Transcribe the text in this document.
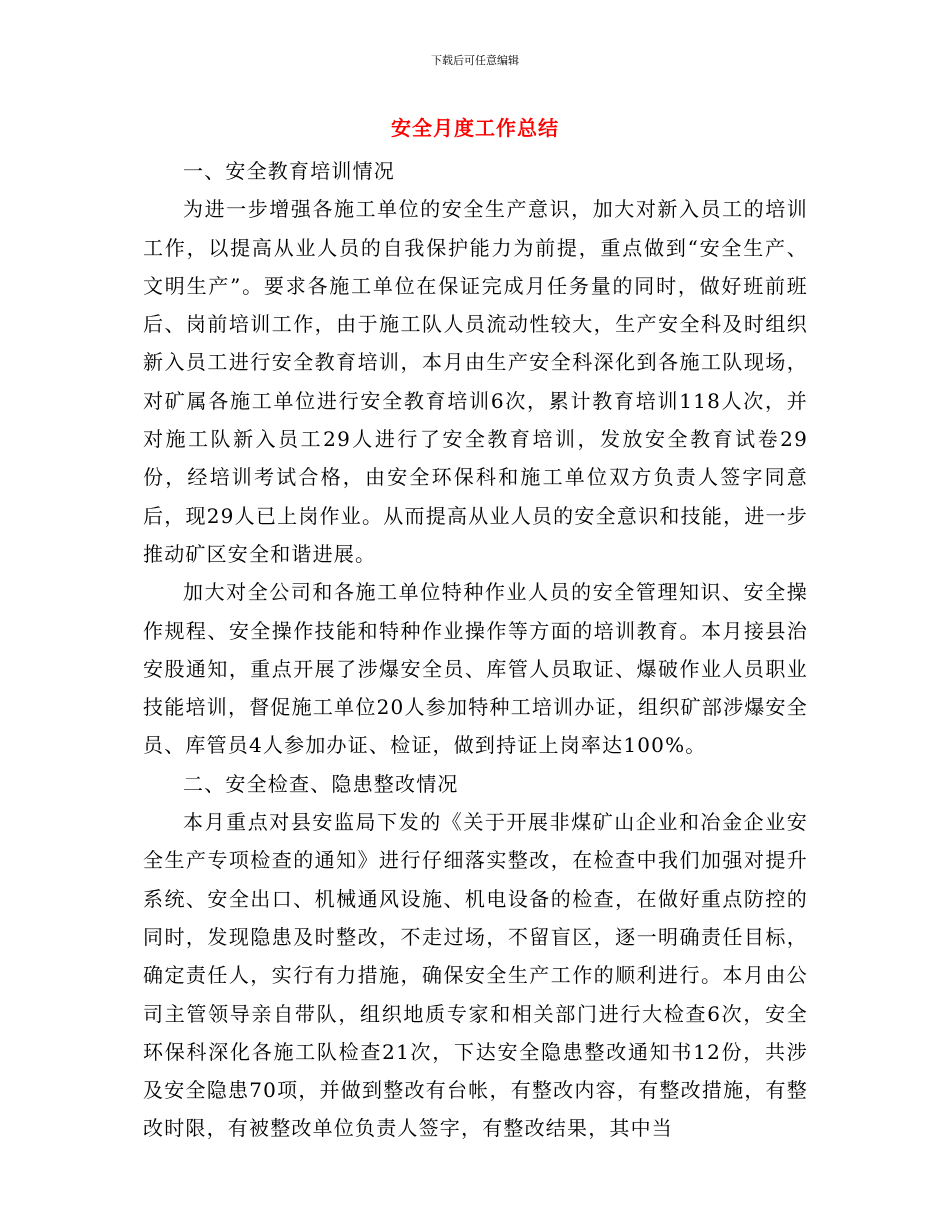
下载后可任意编辑
安全月度工作总结

一、安全教育培训情况

为进一步增强各施工单位的安全生产意识，加大对新入员工的培训工作，以提高从业人员的自我保护能力为前提，重点做到“安全生产、文明生产”。要求各施工单位在保证完成月任务量的同时，做好班前班后、岗前培训工作，由于施工队人员流动性较大，生产安全科及时组织新入员工进行安全教育培训，本月由生产安全科深化到各施工队现场，对矿属各施工单位进行安全教育培训6次，累计教育培训118人次，并对施工队新入员工29人进行了安全教育培训，发放安全教育试卷29份，经培训考试合格，由安全环保科和施工单位双方负责人签字同意后，现29人已上岗作业。从而提高从业人员的安全意识和技能，进一步推动矿区安全和谐进展。

加大对全公司和各施工单位特种作业人员的安全管理知识、安全操作规程、安全操作技能和特种作业操作等方面的培训教育。本月接县治安股通知，重点开展了涉爆安全员、库管人员取证、爆破作业人员职业技能培训，督促施工单位20人参加特种工培训办证，组织矿部涉爆安全员、库管员4人参加办证、检证，做到持证上岗率达100%。

二、安全检查、隐患整改情况

本月重点对县安监局下发的《关于开展非煤矿山企业和冶金企业安全生产专项检查的通知》进行仔细落实整改，在检查中我们加强对提升系统、安全出口、机械通风设施、机电设备的检查，在做好重点防控的同时，发现隐患及时整改，不走过场，不留盲区，逐一明确责任目标，确定责任人，实行有力措施，确保安全生产工作的顺利进行。本月由公司主管领导亲自带队，组织地质专家和相关部门进行大检查6次，安全环保科深化各施工队检查21次，下达安全隐患整改通知书12份，共涉及安全隐患70项，并做到整改有台帐，有整改内容，有整改措施，有整改时限，有被整改单位负责人签字，有整改结果，其中当
